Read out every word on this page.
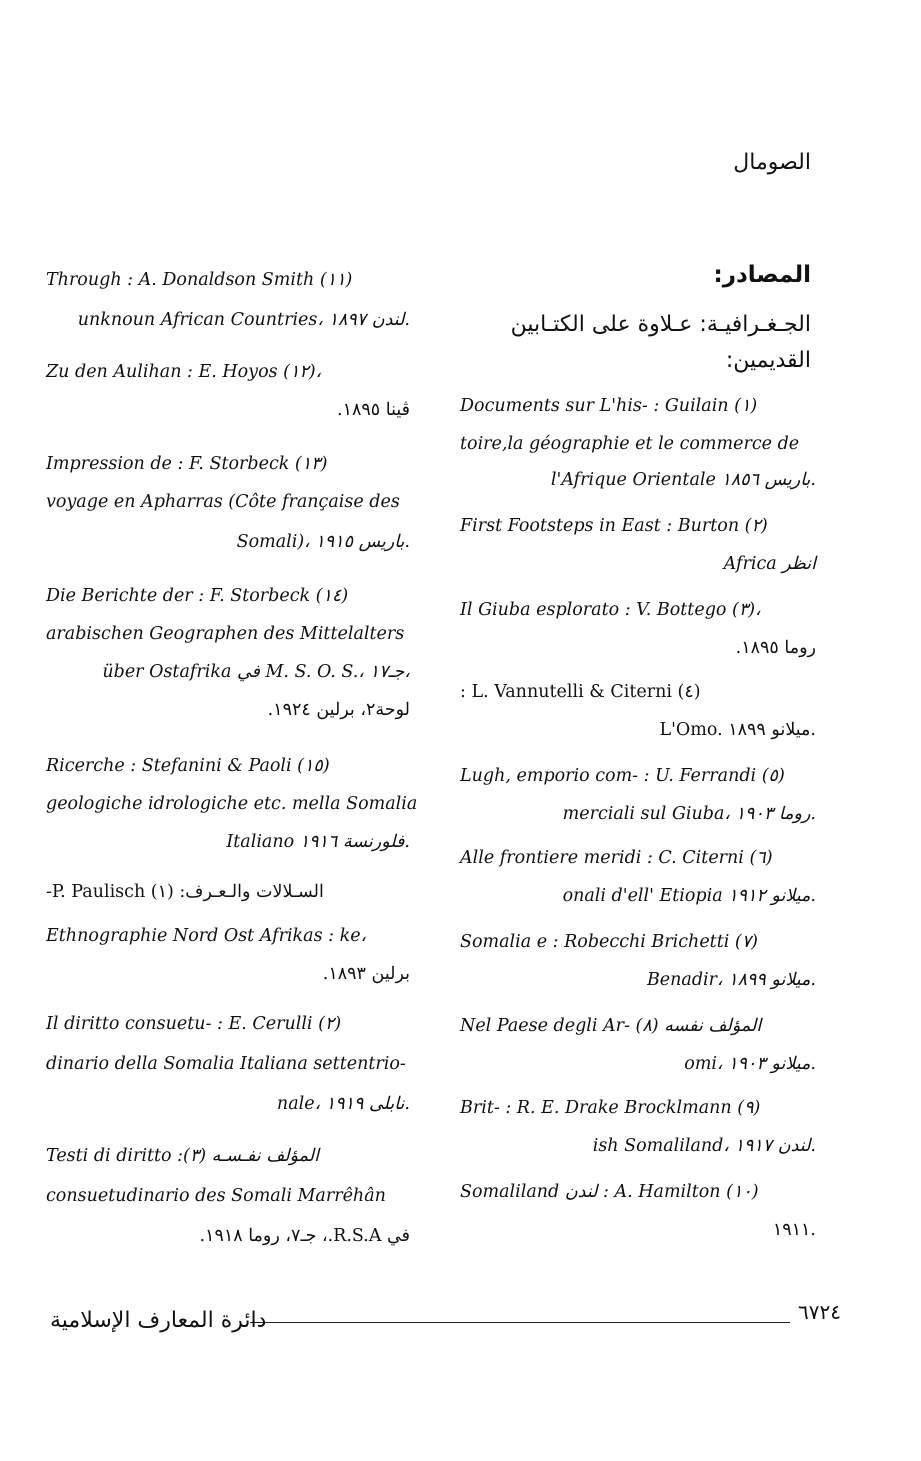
الصومال
المصادر:
الجـغـرافيـة: عـلاوة على الكتـابين
القديمين:
Documents sur L'his- : Guilain (١)
toire,la géographie et le commerce de
l'Afrique Orientale باريس ١٨٥٦.
First Footsteps in East : Burton (٢)
Africa انظر
Il Giuba esplorato : V. Bottego (٣)،
روما ١٨٩٥.
: L. Vannutelli & Citerni (٤)
L'Omo. ميلانو ١٨٩٩.
Lugh, emporio com- : U. Ferrandi (٥)
merciali sul Giuba، روما ١٩٠٣.
Alle frontiere meridi : C. Citerni (٦)
onali d'ell' Etiopia ميلانو ١٩١٢.
Somalia e : Robecchi Brichetti (٧)
Benadir، ميلانو ١٨٩٩.
Nel Paese degli Ar- (٨) المؤلف نفسه
omi، ميلانو ١٩٠٣.
Brit- : R. E. Drake Brocklmann (٩)
ish Somaliland، لندن ١٩١٧.
Somaliland لندن : A. Hamilton (١٠)
١٩١١.
Through : A. Donaldson Smith (١١)
unknoun African Countries، لندن ١٨٩٧.
Zu den Aulihan : E. Hoyos (١٢)،
ڤينا ١٨٩٥.
Impression de : F. Storbeck (١٣)
voyage en Apharras (Côte française des
Somali)، باريس ١٩١٥.
Die Berichte der : F. Storbeck (١٤)
arabischen Geographen des Mittelalters
über Ostafrika في M. S. O. S.، جـ١٧،
لوحة٢، برلين ١٩٢٤.
Ricerche : Stefanini & Paoli (١٥)
geologiche idrologiche etc. mella Somalia
Italiano فلورنسة ١٩١٦.
السـلالات والـعـرف: (١) P. Paulisch-
Ethnographie Nord Ost Afrikas : ke،
برلين ١٨٩٣.
Il diritto consuetu- : E. Cerulli (٢)
dinario della Somalia Italiana settentrio-
nale، نابلى ١٩١٩.
Testi di diritto :المؤلف نفـسـه (٣)
consuetudinario des Somali Marrêhân
في R.S.A.، جـ٧، روما ١٩١٨.
٦٧٢٤
دائرة المعارف الإسلامية
